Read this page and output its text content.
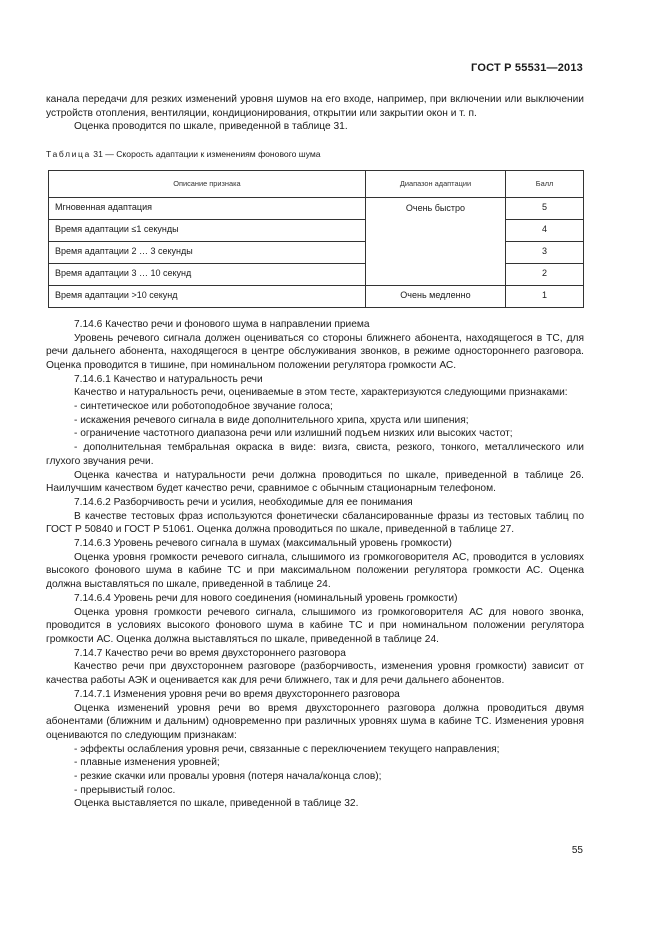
ГОСТ Р 55531—2013

канала передачи для резких изменений уровня шумов на его входе, например, при включении или выключении устройств отопления, вентиляции, кондиционирования, открытии или закрытии окон и т. п.

Оценка проводится по шкале, приведенной в таблице 31.

Таблица 31 — Скорость адаптации к изменениям фонового шума

Описание признака	Диапазон адаптации	Балл
Мгновенная адаптация	Очень быстро	5
Время адаптации ≤1 секунды		4
Время адаптации 2 … 3 секунды		3
Время адаптации 3 … 10 секунд		2
Время адаптации >10 секунд	Очень медленно	1

7.14.6 Качество речи и фонового шума в направлении приема

Уровень речевого сигнала должен оцениваться со стороны ближнего абонента, находящегося в ТС, для речи дальнего абонента, находящегося в центре обслуживания звонков, в режиме одностороннего разговора. Оценка проводится в тишине, при номинальном положении регулятора громкости АС.

7.14.6.1 Качество и натуральность речи

Качество и натуральность речи, оцениваемые в этом тесте, характеризуются следующими признаками:

- синтетическое или роботоподобное звучание голоса;

- искажения речевого сигнала в виде дополнительного хрипа, хруста или шипения;

- ограничение частотного диапазона речи или излишний подъем низких или высоких частот;

- дополнительная тембральная окраска в виде: визга, свиста, резкого, тонкого, металлического или глухого звучания речи.

Оценка качества и натуральности речи должна проводиться по шкале, приведенной в таблице 26. Наилучшим качеством будет качество речи, сравнимое с обычным стационарным телефоном.

7.14.6.2 Разборчивость речи и усилия, необходимые для ее понимания

В качестве тестовых фраз используются фонетически сбалансированные фразы из тестовых таблиц по ГОСТ Р 50840 и ГОСТ Р 51061. Оценка должна проводиться по шкале, приведенной в таблице 27.

7.14.6.3 Уровень речевого сигнала в шумах (максимальный уровень громкости)

Оценка уровня громкости речевого сигнала, слышимого из громкоговорителя АС, проводится в условиях высокого фонового шума в кабине ТС и при максимальном положении регулятора громкости АС. Оценка должна выставляться по шкале, приведенной в таблице 24.

7.14.6.4 Уровень речи для нового соединения (номинальный уровень громкости)

Оценка уровня громкости речевого сигнала, слышимого из громкоговорителя АС для нового звонка, проводится в условиях высокого фонового шума в кабине ТС и при номинальном положении регулятора громкости АС. Оценка должна выставляться по шкале, приведенной в таблице 24.

7.14.7 Качество речи во время двухстороннего разговора

Качество речи при двухстороннем разговоре (разборчивость, изменения уровня громкости) зависит от качества работы АЭК и оценивается как для речи ближнего, так и для речи дальнего абонентов.

7.14.7.1 Изменения уровня речи во время двухстороннего разговора

Оценка изменений уровня речи во время двухстороннего разговора должна проводиться двумя абонентами (ближним и дальним) одновременно при различных уровнях шума в кабине ТС. Изменения уровня оцениваются по следующим признакам:

- эффекты ослабления уровня речи, связанные с переключением текущего направления;

- плавные изменения уровней;

- резкие скачки или провалы уровня (потеря начала/конца слов);

- прерывистый голос.

Оценка выставляется по шкале, приведенной в таблице 32.

55
